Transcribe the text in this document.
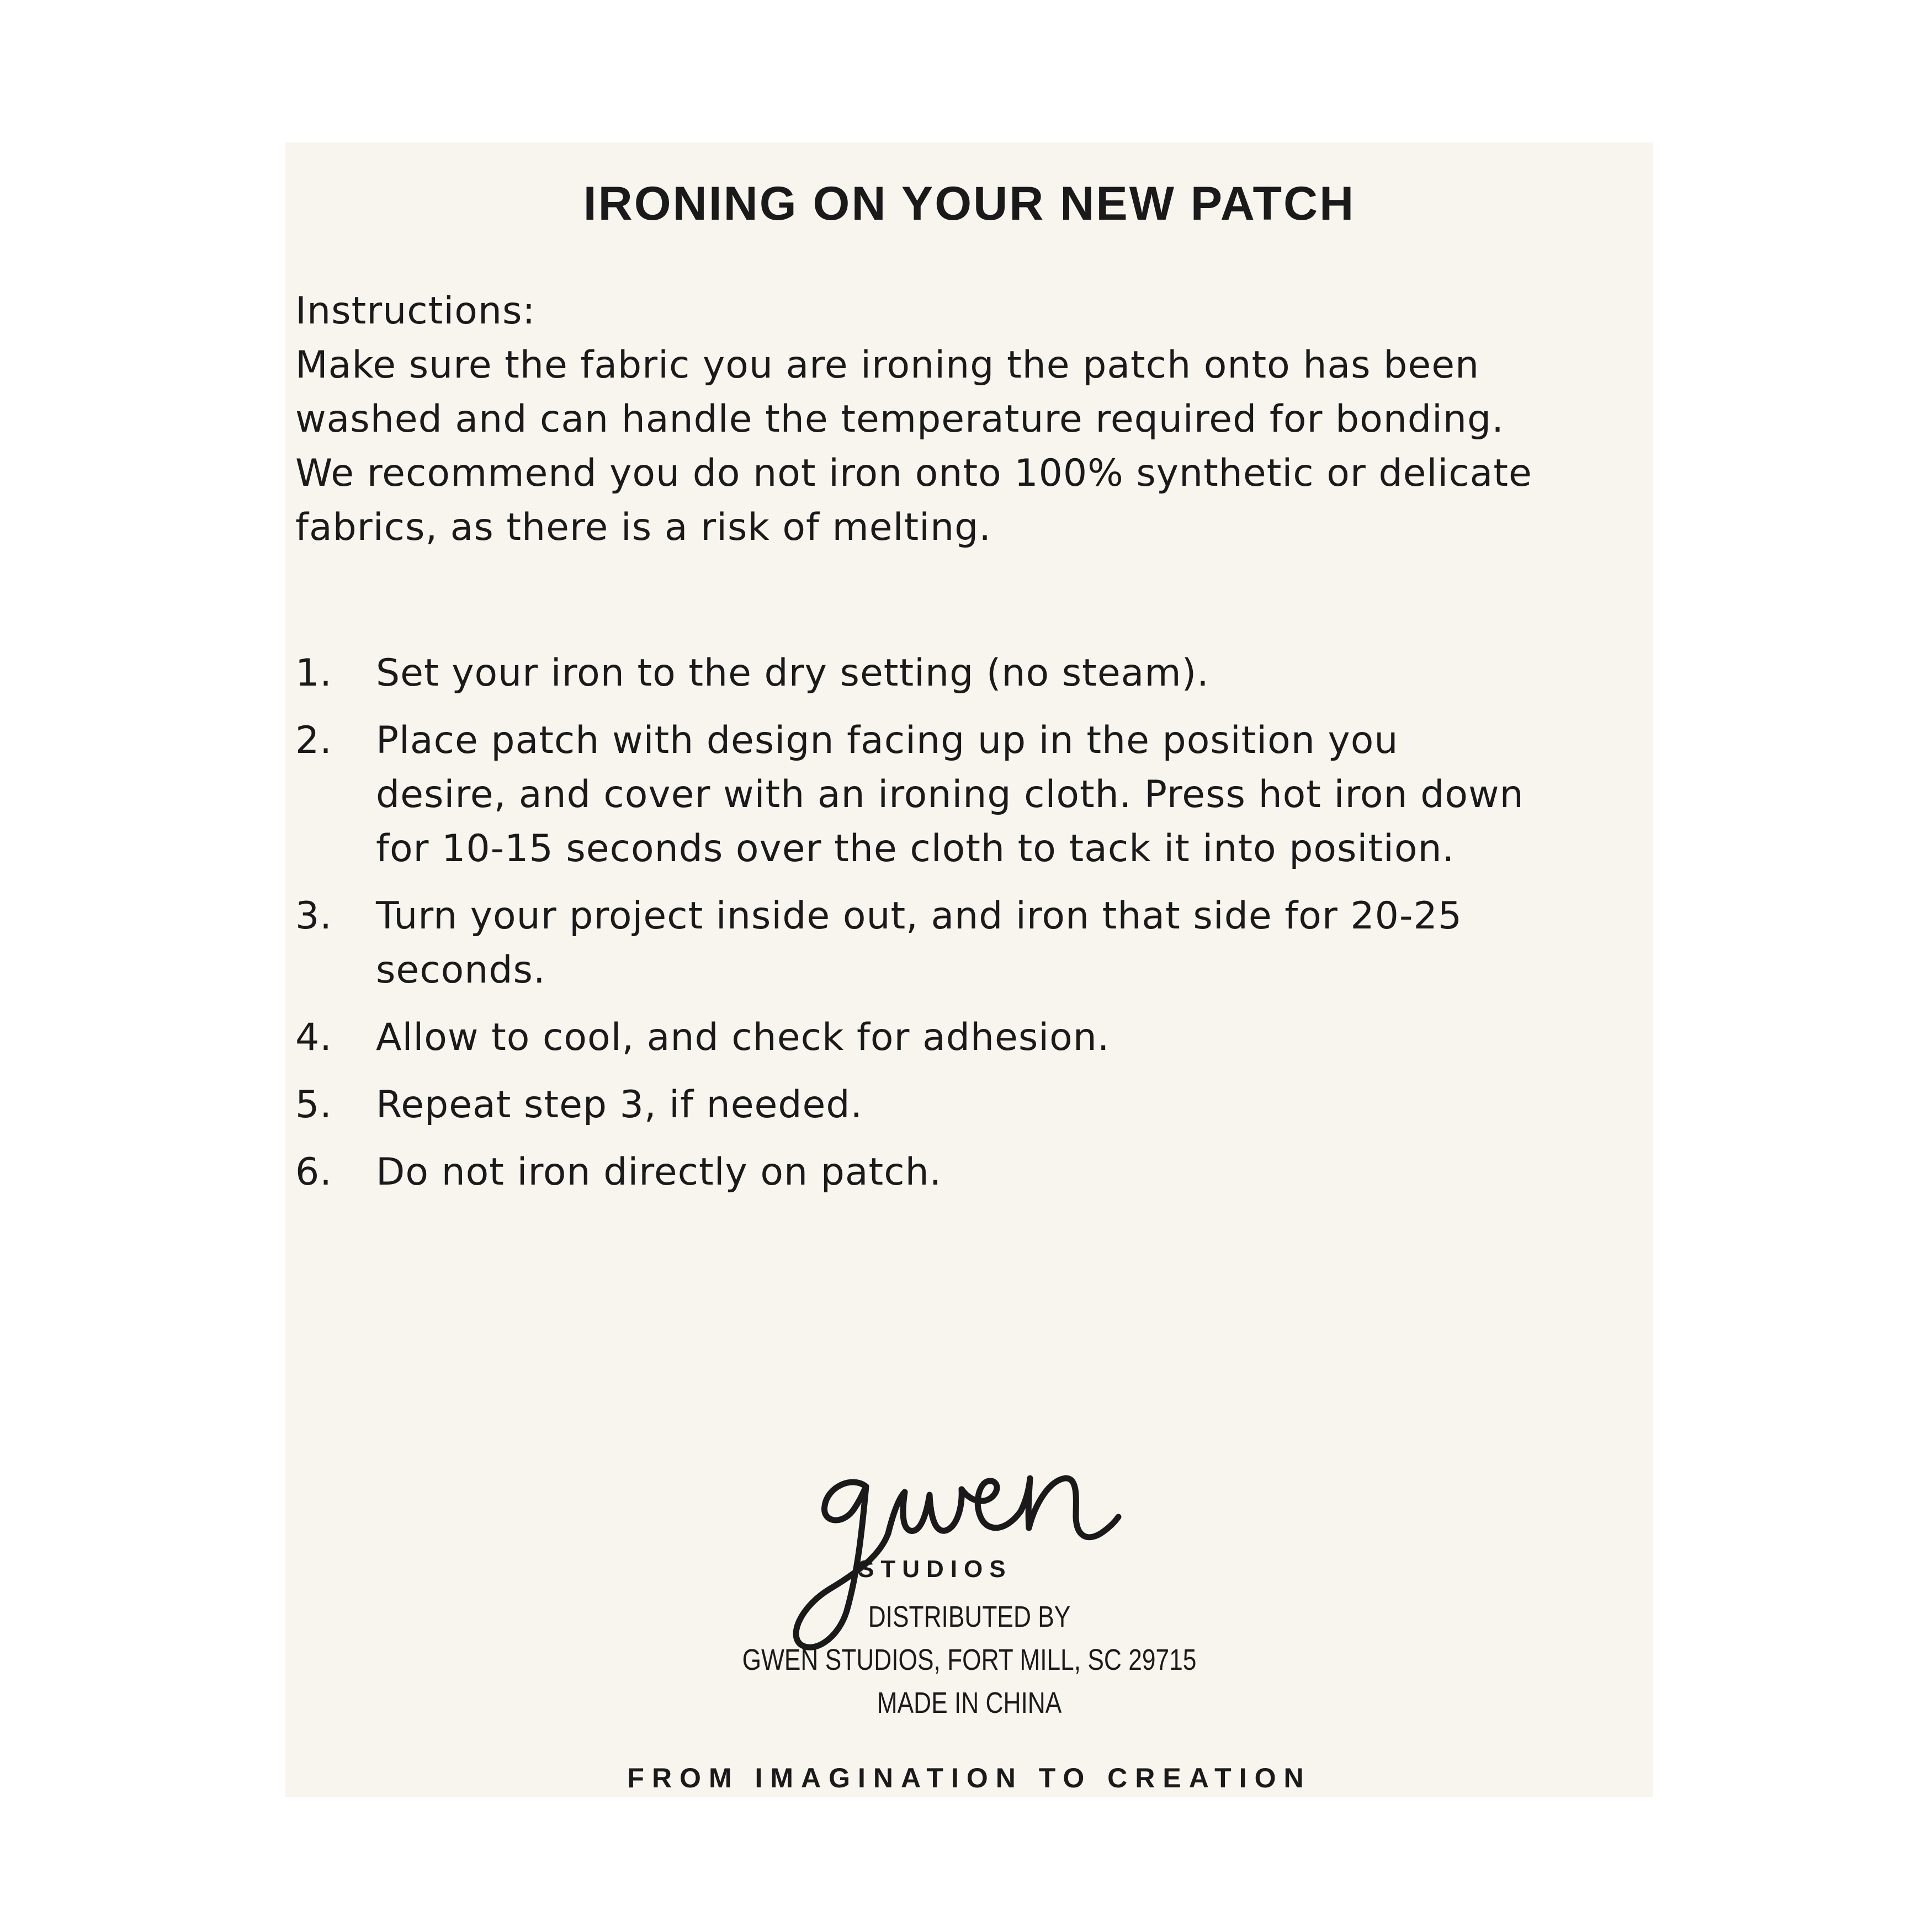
IRONING ON YOUR NEW PATCH
Instructions:
Make sure the fabric you are ironing the patch onto has been
washed and can handle the temperature required for bonding.
We recommend you do not iron onto 100% synthetic or delicate
fabrics, as there is a risk of melting.
1.	Set your iron to the dry setting (no steam).
2.	Place patch with design facing up in the position you
desire, and cover with an ironing cloth. Press hot iron down
for 10-15 seconds over the cloth to tack it into position.
3.	Turn your project inside out, and iron that side for 20-25
seconds.
4.	Allow to cool, and check for adhesion.
5.	Repeat step 3, if needed.
6.	Do not iron directly on patch.
STUDIOS
DISTRIBUTED BY
GWEN STUDIOS, FORT MILL, SC 29715
MADE IN CHINA
FROM IMAGINATION TO CREATION
